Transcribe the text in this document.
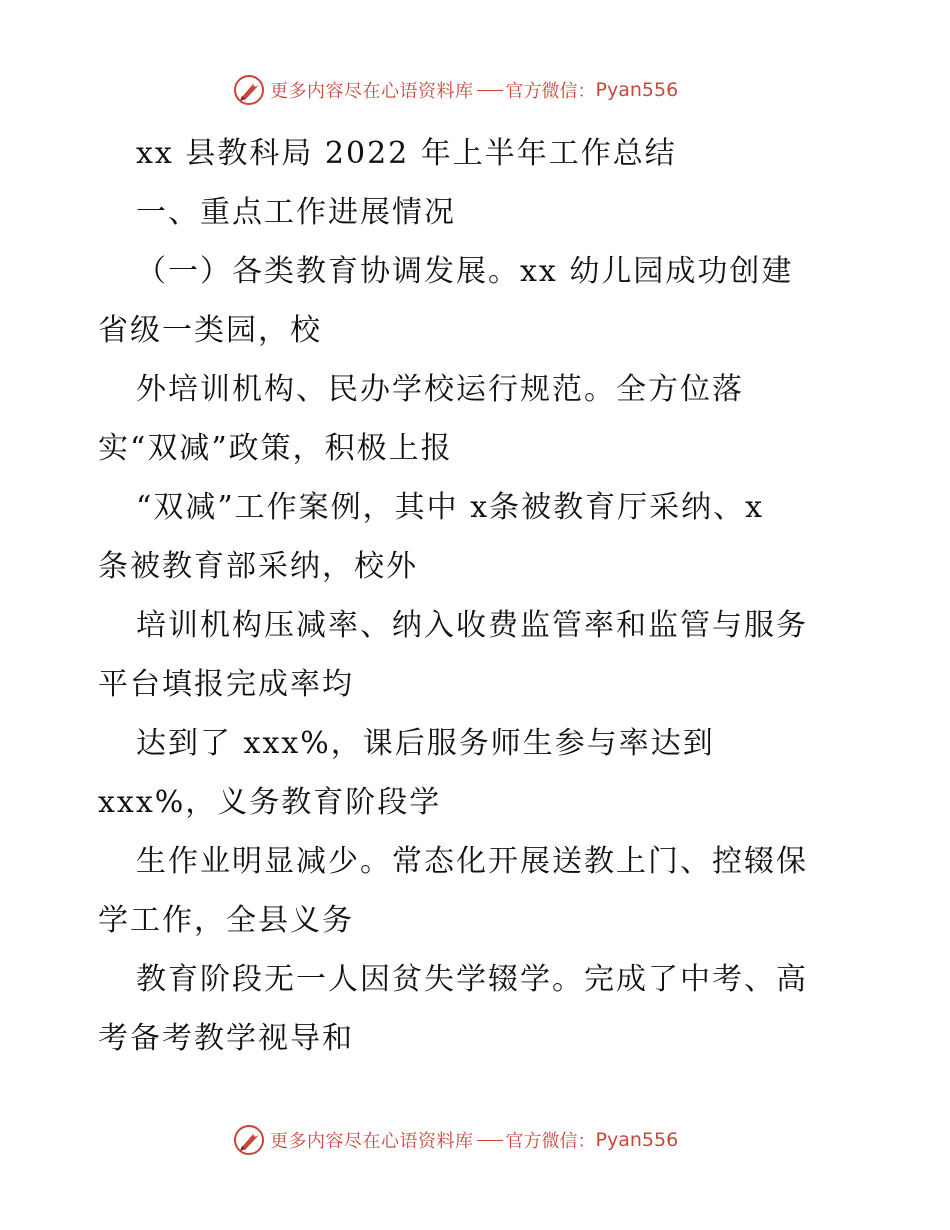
更多内容尽在心语资料库 官方微信： Pyan556
xx 县教科局 2022 年上半年工作总结
一、重点工作进展情况
（一）各类教育协调发展。xx 幼儿园成功创建
省级一类园，校
外培训机构、民办学校运行规范。全方位落
实“双减”政策，积极上报
“双减”工作案例，其中 x条被教育厅采纳、x
条被教育部采纳，校外
培训机构压减率、纳入收费监管率和监管与服务
平台填报完成率均
达到了 xxx%，课后服务师生参与率达到
xxx%，义务教育阶段学
生作业明显减少。常态化开展送教上门、控辍保
学工作，全县义务
教育阶段无一人因贫失学辍学。完成了中考、高
考备考教学视导和
更多内容尽在心语资料库 官方微信： Pyan556
